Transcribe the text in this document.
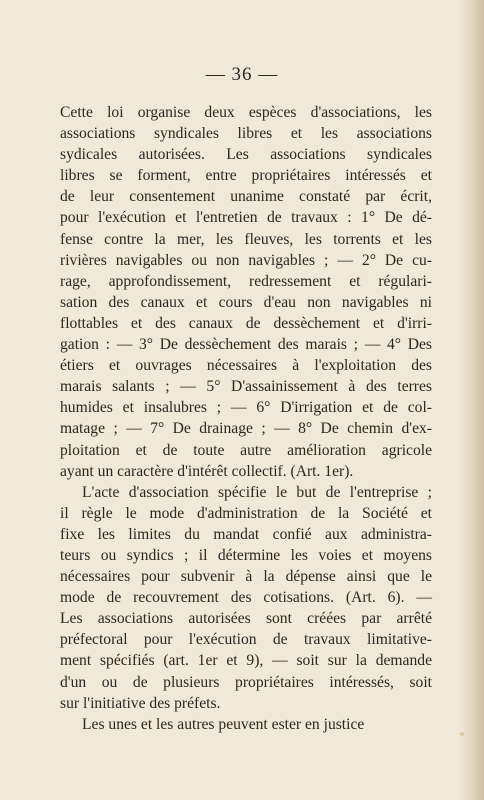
— 36 —
Cette loi organise deux espèces d'associations, les
associations syndicales libres et les associations
sydicales autorisées. Les associations syndicales
libres se forment, entre propriétaires intéressés et
de leur consentement unanime constaté par écrit,
pour l'exécution et l'entretien de travaux : 1° De dé-
fense contre la mer, les fleuves, les torrents et les
rivières navigables ou non navigables ; — 2° De cu-
rage, approfondissement, redressement et régulari-
sation des canaux et cours d'eau non navigables ni
flottables et des canaux de dessèchement et d'irri-
gation : — 3° De dessèchement des marais ; — 4° Des
étiers et ouvrages nécessaires à l'exploitation des
marais salants ; — 5° D'assainissement à des terres
humides et insalubres ; — 6° D'irrigation et de col-
matage ; — 7° De drainage ; — 8° De chemin d'ex-
ploitation et de toute autre amélioration agricole
ayant un caractère d'intérêt collectif. (Art. 1er).
L'acte d'association spécifie le but de l'entreprise ;
il règle le mode d'administration de la Société et
fixe les limites du mandat confié aux administra-
teurs ou syndics ; il détermine les voies et moyens
nécessaires pour subvenir à la dépense ainsi que le
mode de recouvrement des cotisations. (Art. 6). —
Les associations autorisées sont créées par arrêté
préfectoral pour l'exécution de travaux limitative-
ment spécifiés (art. 1er et 9), — soit sur la demande
d'un ou de plusieurs propriétaires intéressés, soit
sur l'initiative des préfets.
Les unes et les autres peuvent ester en justice
